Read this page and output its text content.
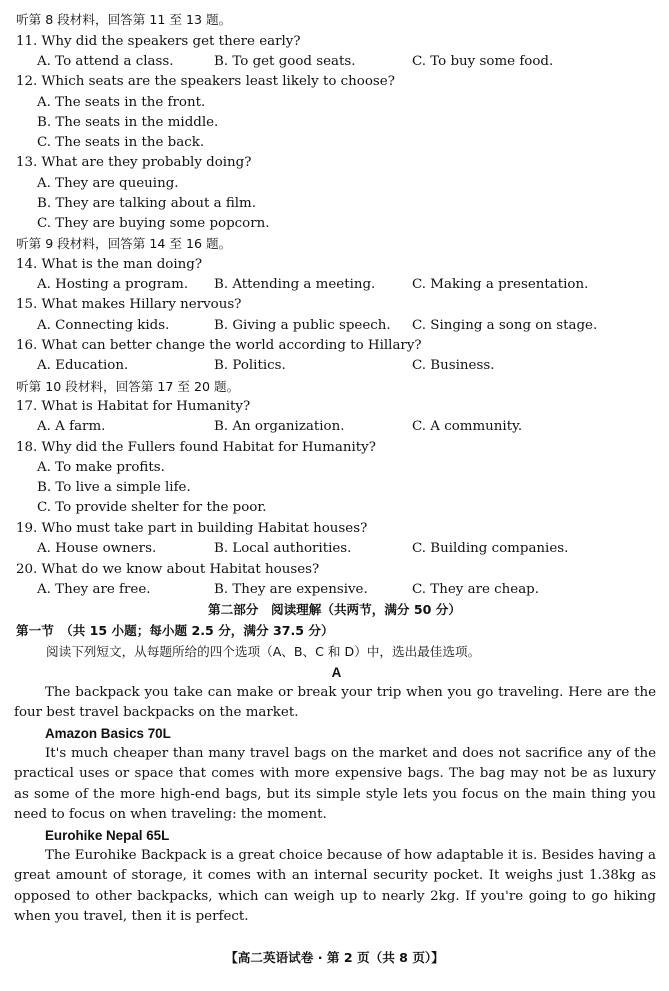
听第 8 段材料，回答第 11 至 13 题。
11. Why did the speakers get there early?
A. To attend a class.	B. To get good seats.	C. To buy some food.
12. Which seats are the speakers least likely to choose?
A. The seats in the front.
B. The seats in the middle.
C. The seats in the back.
13. What are they probably doing?
A. They are queuing.
B. They are talking about a film.
C. They are buying some popcorn.
听第 9 段材料，回答第 14 至 16 题。
14. What is the man doing?
A. Hosting a program. B. Attending a meeting.	C. Making a presentation.
15. What makes Hillary nervous?
A. Connecting kids.	B. Giving a public speech. C. Singing a song on stage.
16. What can better change the world according to Hillary?
A. Education.	B. Politics.	C. Business.
听第 10 段材料，回答第 17 至 20 题。
17. What is Habitat for Humanity?
A. A farm.	B. An organization.	C. A community.
18. Why did the Fullers found Habitat for Humanity?
A. To make profits.
B. To live a simple life.
C. To provide shelter for the poor.
19. Who must take part in building Habitat houses?
A. House owners.	B. Local authorities.	C. Building companies.
20. What do we know about Habitat houses?
A. They are free.	B. They are expensive.	C. They are cheap.
第二部分　阅读理解（共两节，满分 50 分）
第一节　（共 15 小题；每小题 2.5 分，满分 37.5 分）
阅读下列短文，从每题所给的四个选项（A、B、C 和 D）中，选出最佳选项。
A
The backpack you take can make or break your trip when you go traveling. Here are the four best travel backpacks on the market.
Amazon Basics 70L
It's much cheaper than many travel bags on the market and does not sacrifice any of the practical uses or space that comes with more expensive bags. The bag may not be as luxury as some of the more high-end bags, but its simple style lets you focus on the main thing you need to focus on when traveling: the moment.
Eurohike Nepal 65L
The Eurohike Backpack is a great choice because of how adaptable it is. Besides having a great amount of storage, it comes with an internal security pocket. It weighs just 1.38kg as opposed to other backpacks, which can weigh up to nearly 2kg. If you're going to go hiking when you travel, then it is perfect.
【高二英语试卷 · 第 2 页（共 8 页）】
